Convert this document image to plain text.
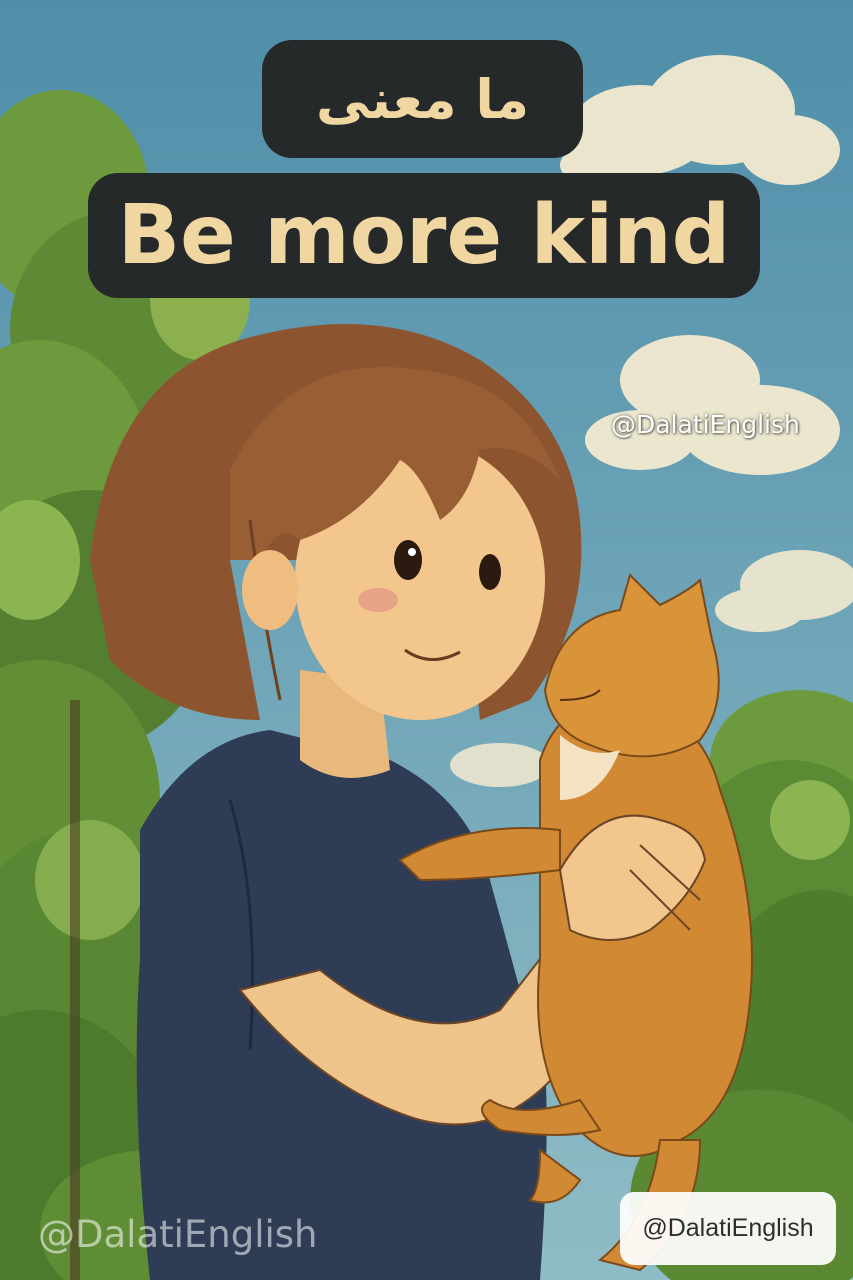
ما معنى
Be more kind
@DalatiEnglish
@DalatiEnglish	@DalatiEnglish
